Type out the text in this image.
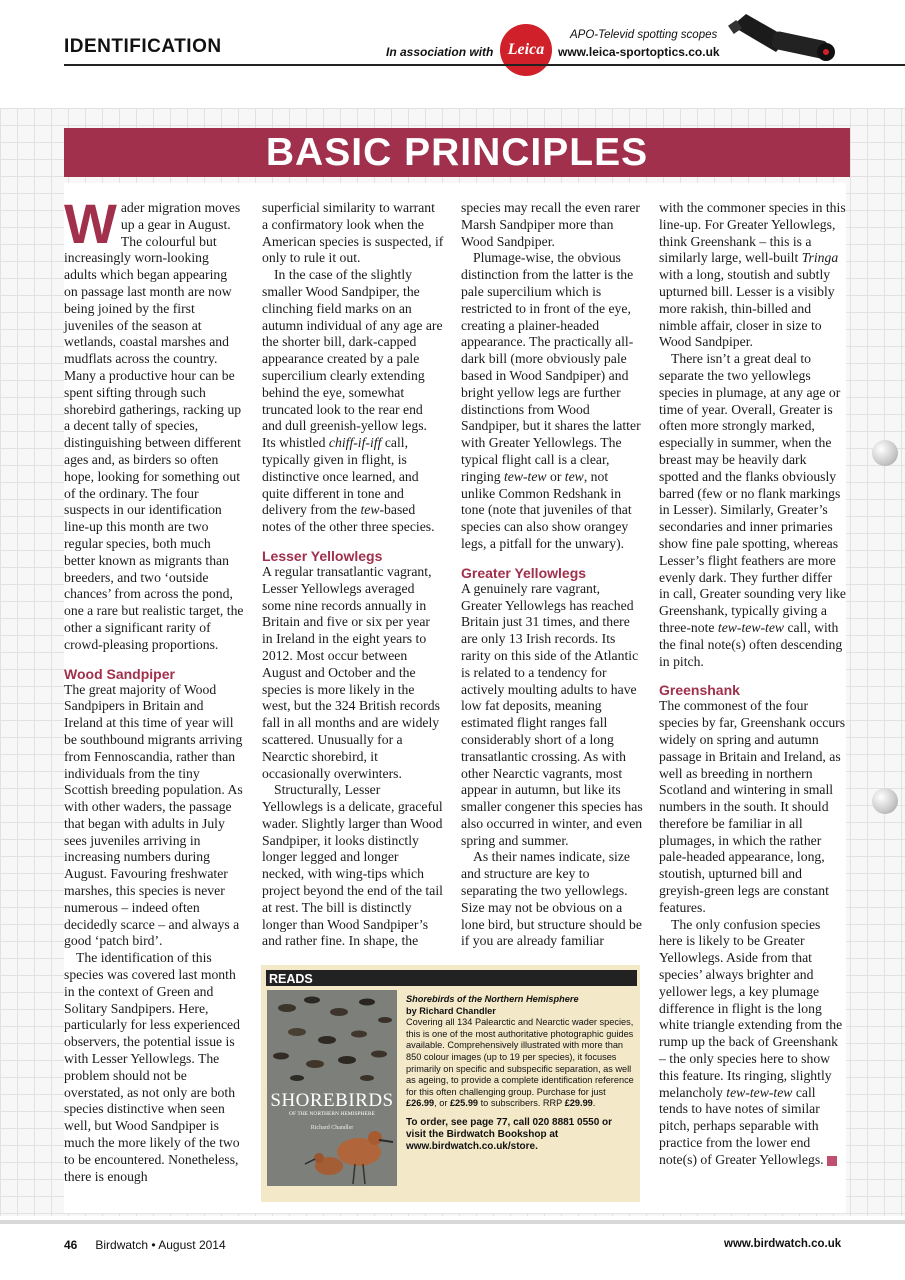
IDENTIFICATION	In association with Leica
APO-Televid spotting scopes
www.leica-sportoptics.co.uk
BASIC PRINCIPLES

Wader migration moves up a gear in August. The colourful but increasingly worn-looking adults which began appearing on passage last month are now being joined by the first juveniles of the season at wetlands, coastal marshes and mudflats across the country. Many a productive hour can be spent sifting through such shorebird gatherings, racking up a decent tally of species, distinguishing between different ages and, as birders so often hope, looking for something out of the ordinary. The four suspects in our identification line-up this month are two regular species, both much better known as migrants than breeders, and two ‘outside chances’ from across the pond, one a rare but realistic target, the other a significant rarity of crowd-pleasing proportions.

Wood Sandpiper

The great majority of Wood Sandpipers in Britain and Ireland at this time of year will be southbound migrants arriving from Fennoscandia, rather than individuals from the tiny Scottish breeding population. As with other waders, the passage that began with adults in July sees juveniles arriving in increasing numbers during August. Favouring freshwater marshes, this species is never numerous – indeed often decidedly scarce – and always a good ‘patch bird’.

The identification of this species was covered last month in the context of Green and Solitary Sandpipers. Here, particularly for less experienced observers, the potential issue is with Lesser Yellowlegs. The problem should not be overstated, as not only are both species distinctive when seen well, but Wood Sandpiper is much the more likely of the two to be encountered. Nonetheless, there is enough

superficial similarity to warrant a confirmatory look when the American species is suspected, if only to rule it out.

In the case of the slightly smaller Wood Sandpiper, the clinching field marks on an autumn individual of any age are the shorter bill, dark-capped appearance created by a pale supercilium clearly extending behind the eye, somewhat truncated look to the rear end and dull greenish-yellow legs. Its whistled chiff-if-iff call, typically given in flight, is distinctive once learned, and quite different in tone and delivery from the tew-based notes of the other three species.

Lesser Yellowlegs

A regular transatlantic vagrant, Lesser Yellowlegs averaged some nine records annually in Britain and five or six per year in Ireland in the eight years to 2012. Most occur between August and October and the species is more likely in the west, but the 324 British records fall in all months and are widely scattered. Unusually for a Nearctic shorebird, it occasionally overwinters.

Structurally, Lesser Yellowlegs is a delicate, graceful wader. Slightly larger than Wood Sandpiper, it looks distinctly longer legged and longer necked, with wing-tips which project beyond the end of the tail at rest. The bill is distinctly longer than Wood Sandpiper’s and rather fine. In shape, the

species may recall the even rarer Marsh Sandpiper more than Wood Sandpiper.

Plumage-wise, the obvious distinction from the latter is the pale supercilium which is restricted to in front of the eye, creating a plainer-headed appearance. The practically all-dark bill (more obviously pale based in Wood Sandpiper) and bright yellow legs are further distinctions from Wood Sandpiper, but it shares the latter with Greater Yellowlegs. The typical flight call is a clear, ringing tew-tew or tew, not unlike Common Redshank in tone (note that juveniles of that species can also show orangey legs, a pitfall for the unwary).

Greater Yellowlegs

A genuinely rare vagrant, Greater Yellowlegs has reached Britain just 31 times, and there are only 13 Irish records. Its rarity on this side of the Atlantic is related to a tendency for actively moulting adults to have low fat deposits, meaning estimated flight ranges fall considerably short of a long transatlantic crossing. As with other Nearctic vagrants, most appear in autumn, but like its smaller congener this species has also occurred in winter, and even spring and summer.

As their names indicate, size and structure are key to separating the two yellowlegs. Size may not be obvious on a lone bird, but structure should be if you are already familiar

with the commoner species in this line-up. For Greater Yellowlegs, think Greenshank – this is a similarly large, well-built Tringa with a long, stoutish and subtly upturned bill. Lesser is a visibly more rakish, thin-billed and nimble affair, closer in size to Wood Sandpiper.

There isn’t a great deal to separate the two yellowlegs species in plumage, at any age or time of year. Overall, Greater is often more strongly marked, especially in summer, when the breast may be heavily dark spotted and the flanks obviously barred (few or no flank markings in Lesser). Similarly, Greater’s secondaries and inner primaries show fine pale spotting, whereas Lesser’s flight feathers are more evenly dark. They further differ in call, Greater sounding very like Greenshank, typically giving a three-note tew-tew-tew call, with the final note(s) often descending in pitch.

Greenshank

The commonest of the four species by far, Greenshank occurs widely on spring and autumn passage in Britain and Ireland, as well as breeding in northern Scotland and wintering in small numbers in the south. It should therefore be familiar in all plumages, in which the rather pale-headed appearance, long, stoutish, upturned bill and greyish-green legs are constant features.

The only confusion species here is likely to be Greater Yellowlegs. Aside from that species’ always brighter and yellower legs, a key plumage difference in flight is the long white triangle extending from the rump up the back of Greenshank – the only species here to show this feature. Its ringing, slightly melancholy tew-tew-tew call tends to have notes of similar pitch, perhaps separable with practice from the lower end note(s) of Greater Yellowlegs.

READS
SHOREBIRDS
OF THE NORTHERN HEMISPHERE
Richard Chandler
Shorebirds of the Northern Hemisphere
by Richard Chandler
Covering all 134 Palearctic and Nearctic wader species, this is one of the most authoritative photographic guides available. Comprehensively illustrated with more than 850 colour images (up to 19 per species), it focuses primarily on specific and subspecific separation, as well as ageing, to provide a complete identification reference for this often challenging group. Purchase for just £26.99, or £25.99 to subscribers. RRP £29.99.
To order, see page 77, call 020 8881 0550 or visit the Birdwatch Bookshop at www.birdwatch.co.uk/store.
46 Birdwatch • August 2014	www.birdwatch.co.uk
